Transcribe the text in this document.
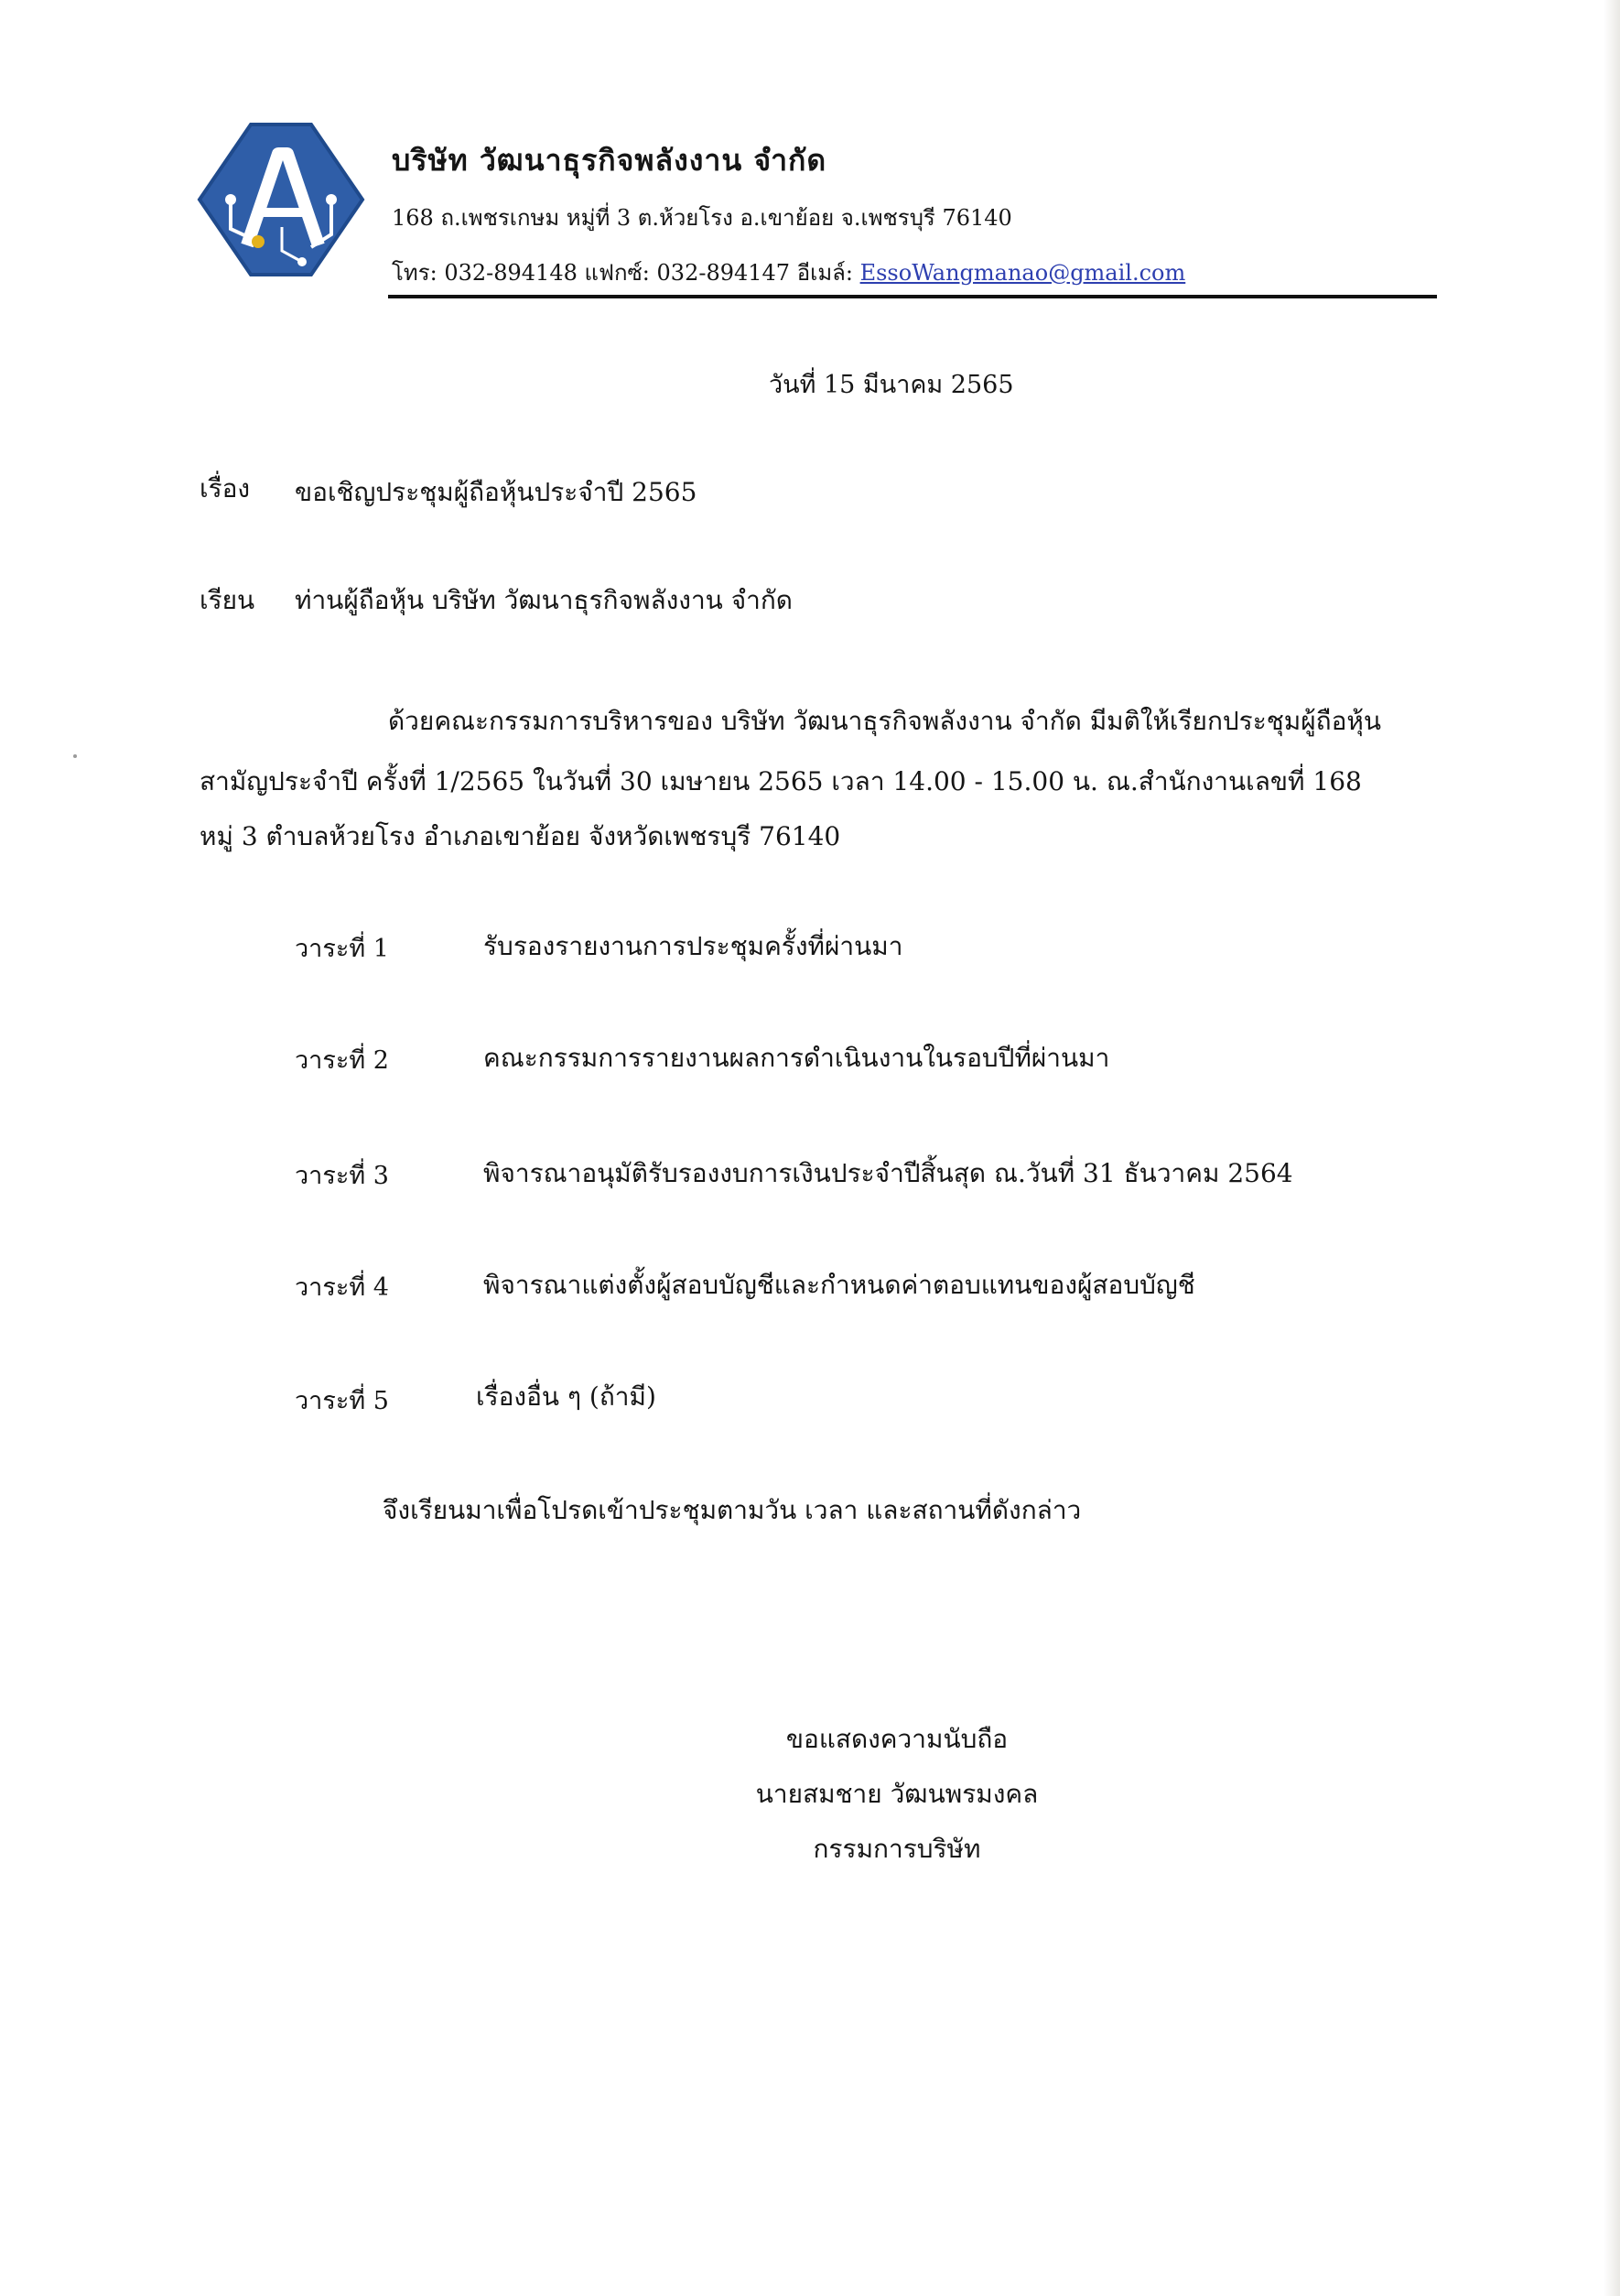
บริษัท วัฒนาธุรกิจพลังงาน จำกัด
168 ถ.เพชรเกษม หมู่ที่ 3 ต.ห้วยโรง อ.เขาย้อย จ.เพชรบุรี 76140
โทร: 032-894148 แฟกซ์: 032-894147 อีเมล์: EssoWangmanao@gmail.com
วันที่ 15 มีนาคม 2565
เรื่อง ขอเชิญประชุมผู้ถือหุ้นประจำปี 2565
เรียน ท่านผู้ถือหุ้น บริษัท วัฒนาธุรกิจพลังงาน จำกัด
ด้วยคณะกรรมการบริหารของ บริษัท วัฒนาธุรกิจพลังงาน จำกัด มีมติให้เรียกประชุมผู้ถือหุ้น
สามัญประจำปี ครั้งที่ 1/2565 ในวันที่ 30 เมษายน 2565 เวลา 14.00 - 15.00 น. ณ.สำนักงานเลขที่ 168
หมู่ 3 ตำบลห้วยโรง อำเภอเขาย้อย จังหวัดเพชรบุรี 76140
วาระที่ 1	รับรองรายงานการประชุมครั้งที่ผ่านมา
วาระที่ 2	คณะกรรมการรายงานผลการดำเนินงานในรอบปีที่ผ่านมา
วาระที่ 3	พิจารณาอนุมัติรับรองงบการเงินประจำปีสิ้นสุด ณ.วันที่ 31 ธันวาคม 2564
วาระที่ 4	พิจารณาแต่งตั้งผู้สอบบัญชีและกำหนดค่าตอบแทนของผู้สอบบัญชี
วาระที่ 5	เรื่องอื่น ๆ (ถ้ามี)
จึงเรียนมาเพื่อโปรดเข้าประชุมตามวัน เวลา และสถานที่ดังกล่าว
ขอแสดงความนับถือ
นายสมชาย วัฒนพรมงคล
กรรมการบริษัท
